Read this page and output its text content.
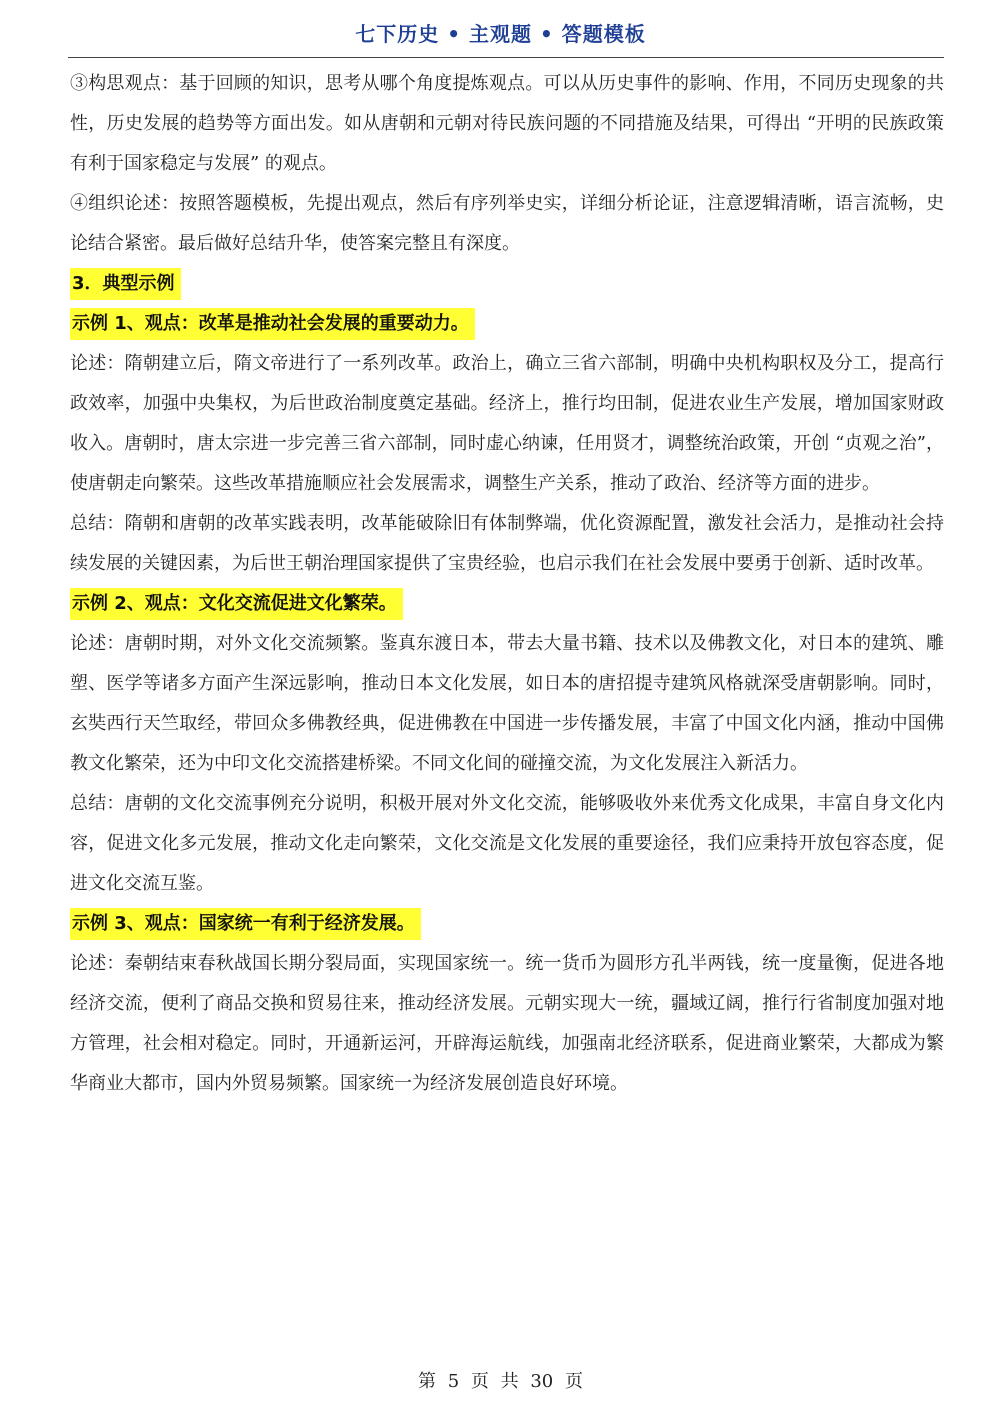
七下历史 • 主观题 • 答题模板

③构思观点：基于回顾的知识，思考从哪个角度提炼观点。可以从历史事件的影响、作用，不同历史现象的共性，历史发展的趋势等方面出发。如从唐朝和元朝对待民族问题的不同措施及结果，可得出 “开明的民族政策有利于国家稳定与发展” 的观点。

④组织论述：按照答题模板，先提出观点，然后有序列举史实，详细分析论证，注意逻辑清晰，语言流畅，史论结合紧密。最后做好总结升华，使答案完整且有深度。

3．典型示例
示例 1、观点：改革是推动社会发展的重要动力。

论述：隋朝建立后，隋文帝进行了一系列改革。政治上，确立三省六部制，明确中央机构职权及分工，提高行政效率，加强中央集权，为后世政治制度奠定基础。经济上，推行均田制，促进农业生产发展，增加国家财政收入。唐朝时，唐太宗进一步完善三省六部制，同时虚心纳谏，任用贤才，调整统治政策，开创 “贞观之治”，使唐朝走向繁荣。这些改革措施顺应社会发展需求，调整生产关系，推动了政治、经济等方面的进步。

总结：隋朝和唐朝的改革实践表明，改革能破除旧有体制弊端，优化资源配置，激发社会活力，是推动社会持续发展的关键因素，为后世王朝治理国家提供了宝贵经验，也启示我们在社会发展中要勇于创新、适时改革。

示例 2、观点：文化交流促进文化繁荣。

论述：唐朝时期，对外文化交流频繁。鉴真东渡日本，带去大量书籍、技术以及佛教文化，对日本的建筑、雕塑、医学等诸多方面产生深远影响，推动日本文化发展，如日本的唐招提寺建筑风格就深受唐朝影响。同时，玄奘西行天竺取经，带回众多佛教经典，促进佛教在中国进一步传播发展，丰富了中国文化内涵，推动中国佛教文化繁荣，还为中印文化交流搭建桥梁。不同文化间的碰撞交流，为文化发展注入新活力。

总结：唐朝的文化交流事例充分说明，积极开展对外文化交流，能够吸收外来优秀文化成果，丰富自身文化内容，促进文化多元发展，推动文化走向繁荣，文化交流是文化发展的重要途径，我们应秉持开放包容态度，促进文化交流互鉴。

示例 3、观点：国家统一有利于经济发展。

论述：秦朝结束春秋战国长期分裂局面，实现国家统一。统一货币为圆形方孔半两钱，统一度量衡，促进各地经济交流，便利了商品交换和贸易往来，推动经济发展。元朝实现大一统，疆域辽阔，推行行省制度加强对地方管理，社会相对稳定。同时，开通新运河，开辟海运航线，加强南北经济联系，促进商业繁荣，大都成为繁华商业大都市，国内外贸易频繁。国家统一为经济发展创造良好环境。

第 5 页 共 30 页
